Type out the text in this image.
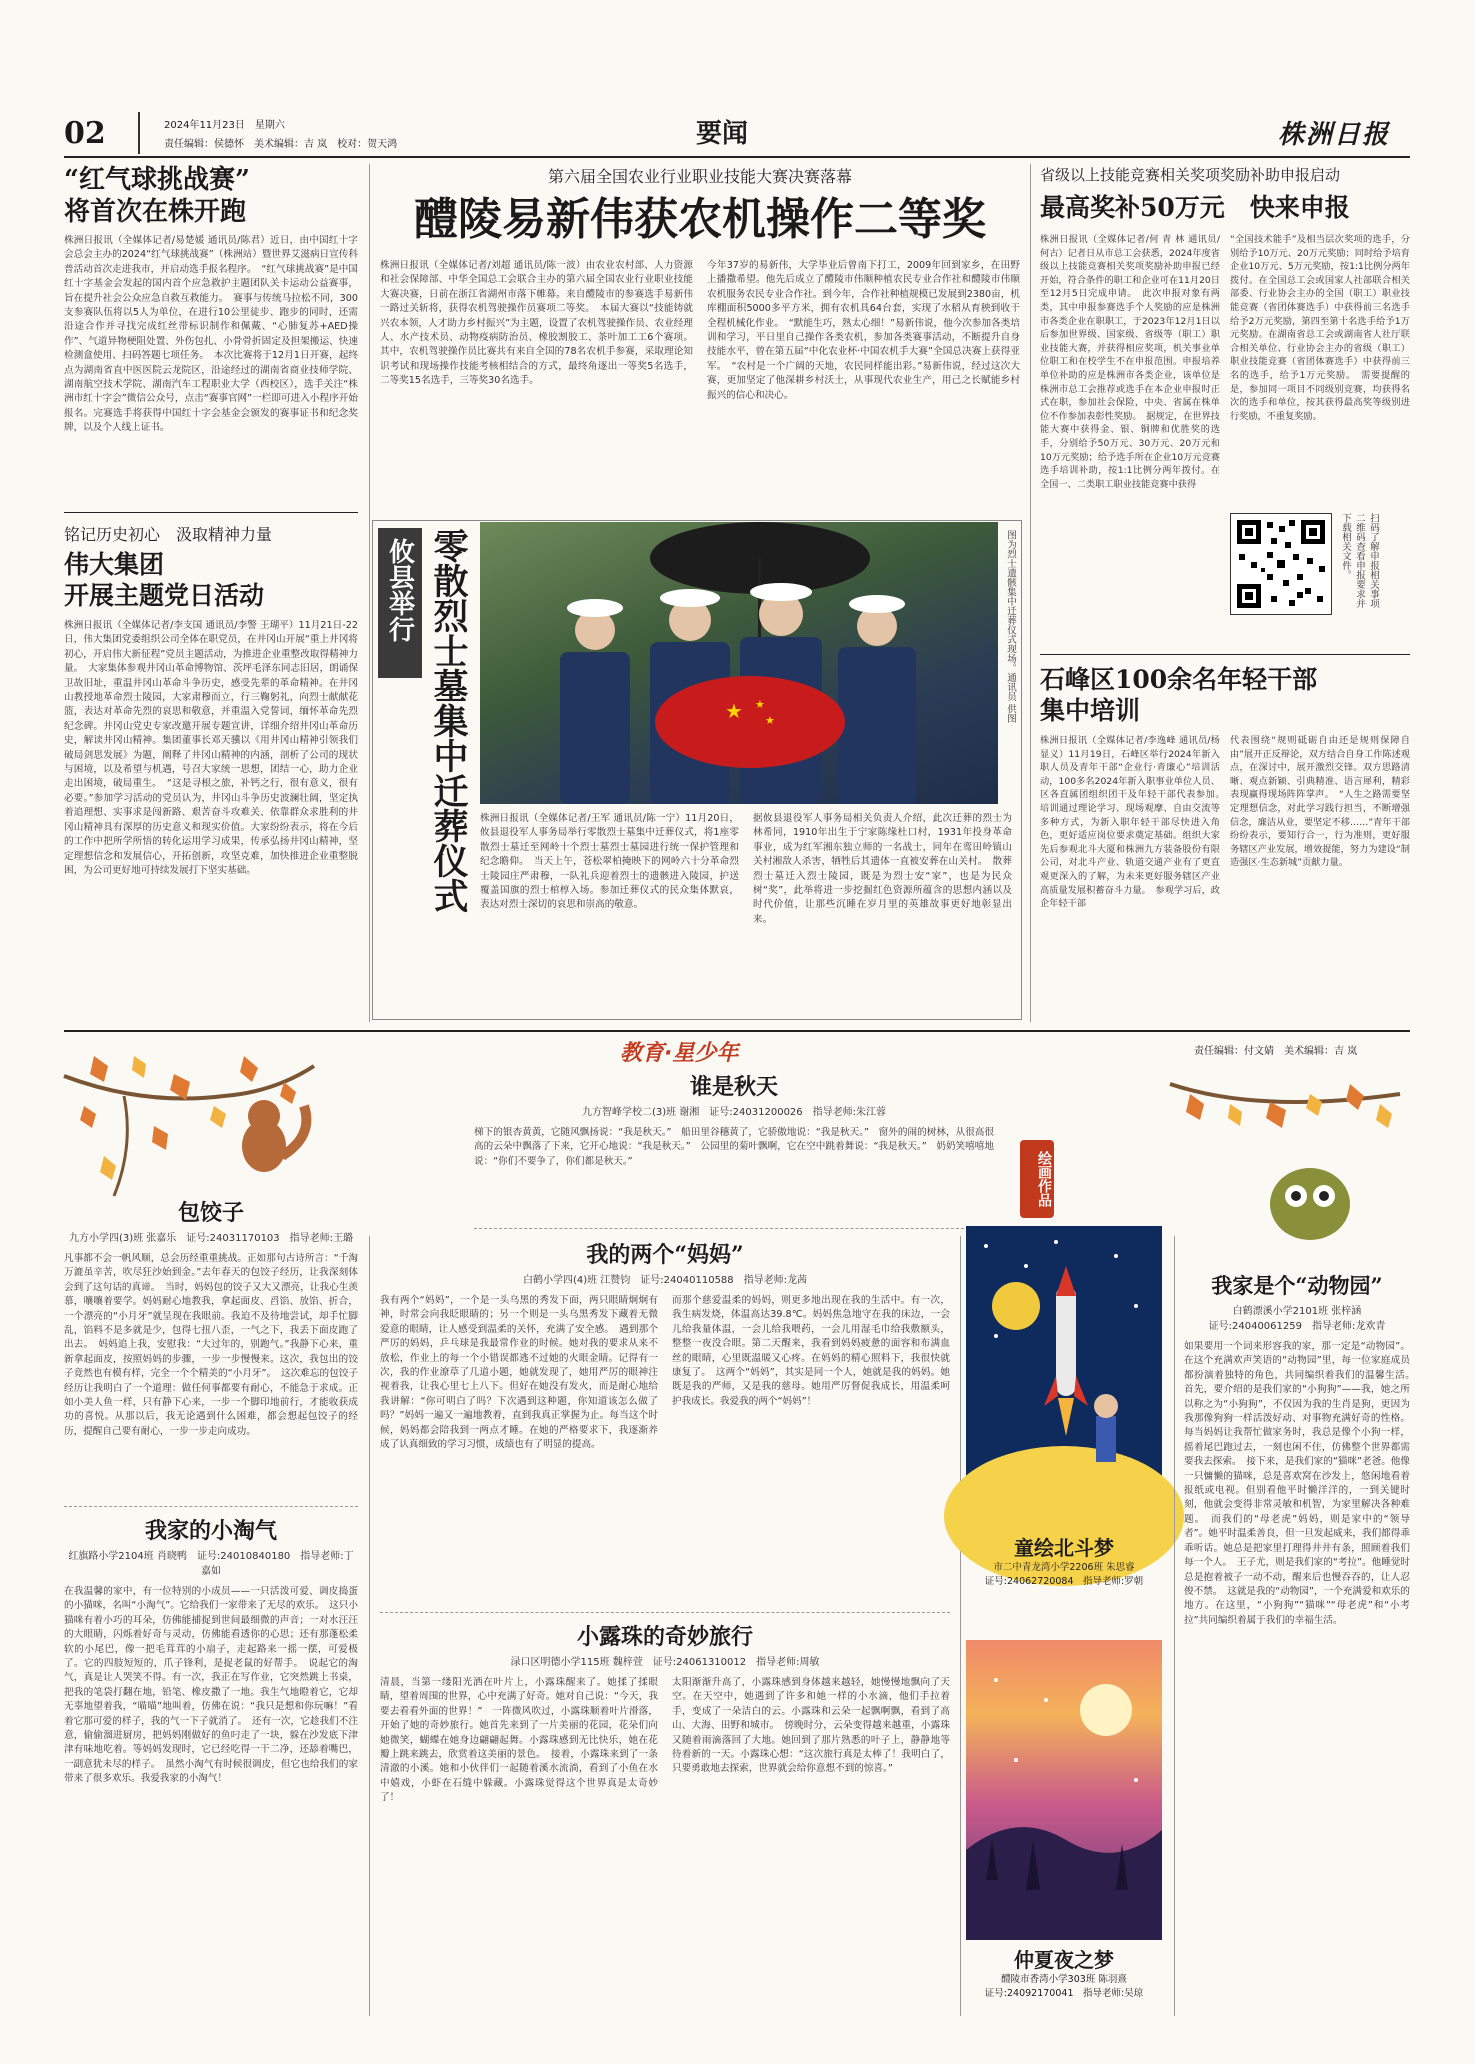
02	2024年11月23日　星期六
责任编辑：侯德怀　美术编辑：吉 岚　校对：贺天鸿	要闻	株洲日报
“红气球挑战赛”
将首次在株开跑

株洲日报讯（全媒体记者/易楚媛 通讯员/陈君）近日，由中国红十字会总会主办的2024“红气球挑战赛”（株洲站）暨世界艾滋病日宣传科普活动首次走进我市，并启动选手报名程序。　“红气球挑战赛”是中国红十字基金会发起的国内首个应急救护主题团队关卡运动公益赛事，旨在提升社会公众应急自救互救能力。　赛事与传统马拉松不同，300支参赛队伍将以5人为单位，在进行10公里徒步、跑步的同时，还需沿途合作并寻找完成红丝带标识制作和佩戴、“心肺复苏+AED操作”、气道异物梗阻处置、外伤包扎、小骨骨折固定及担架搬运、快速检测盒使用、扫码答题七项任务。　本次比赛将于12月1日开赛，起终点为湖南省直中医医院云龙院区，沿途经过的湖南省商业技师学院、湖南航空技术学院、湖南汽车工程职业大学（西校区），选手关注“株洲市红十字会”微信公众号，点击“赛事官网”一栏即可进入小程序开始报名。完赛选手将获得中国红十字会基金会颁发的赛事证书和纪念奖牌，以及个人线上证书。

铭记历史初心　汲取精神力量
伟大集团
开展主题党日活动

株洲日报讯（全媒体记者/李支国 通讯员/李警 王瑚平）11月21日-22日，伟大集团党委组织公司全体在职党员，在井冈山开展“重上井冈将初心，开启伟大新征程”党员主题活动，为推进企业重整改取得精神力量。　大家集体参观井冈山革命博物馆、茨坪毛泽东同志旧居，朗诵保卫故旧址，重温井冈山革命斗争历史，感受先辈的革命精神。在井冈山教授地革命烈士陵园，大家肃穆而立，行三鞠躬礼，向烈士献献花篮，表达对革命先烈的哀思和敬意，并重温入党誓词，缅怀革命先烈纪念碑。井冈山党史专家改邀开展专题宣讲，详细介绍井冈山革命历史，解读井冈山精神。集团董事长邓天骥以《用井冈山精神引领我们破局剑思发展》为题，阐释了井冈山精神的内涵，剖析了公司的现状与困境，以及希望与机遇，号召大家统一思想，团结一心，助力企业走出困境，破局重生。　“这是寻根之旅，补钙之行，很有意义，很有必要。”参加学习活动的党员认为，井冈山斗争历史波澜壮阔，坚定执着追理想、实事求是闯新路、艰苦奋斗攻难关、依靠群众求胜利的井冈山精神具有深厚的历史意义和现实价值。大家纷纷表示，将在今后的工作中把所学所悟的转化运用学习成果，传承弘扬井冈山精神，坚定理想信念和发展信心，开拓创新，攻坚克难，加快推进企业重整脱困，为公司更好地可持续发展打下坚实基础。

第六届全国农业行业职业技能大赛决赛落幕
醴陵易新伟获农机操作二等奖

株洲日报讯（全媒体记者/刘超 通讯员/陈一波）由农业农村部、人力资源和社会保障部、中华全国总工会联合主办的第六届全国农业行业职业技能大赛决赛，日前在浙江省湖州市落下帷幕。来自醴陵市的参赛选手易新伟一路过关斩将，获得农机驾驶操作员赛项二等奖。　本届大赛以“技能铸就兴农本领，人才助力乡村振兴”为主题，设置了农机驾驶操作员、农业经理人、水产技术员、动物疫病防治员、橡胶割胶工、茶叶加工工6个赛项。其中，农机驾驶操作员比赛共有来自全国的78名农机手参赛，采取理论知识考试和现场操作技能考核相结合的方式，最终角逐出一等奖5名选手，二等奖15名选手，三等奖30名选手。

今年37岁的易新伟，大学毕业后曾南下打工，2009年回到家乡，在田野上播撒希望。他先后成立了醴陵市伟顺种植农民专业合作社和醴陵市伟顺农机服务农民专业合作社。到今年，合作社种植规模已发展到2380亩，机库棚面积5000多平方米，拥有农机具64台套，实现了水稻从育秧到收干全程机械化作业。　“默能生巧，熟太心细！”易新伟说，他今次参加各类培训和学习，平日里自己操作各类农机，参加各类赛事活动，不断提升自身技能水平，曾在第五届“中化农业杯·中国农机手大赛”全国总决赛上获得亚军。　“农村是一个广阔的天地，农民同样能出彩。”易新伟说，经过这次大赛，更加坚定了他深耕乡村沃土，从事现代农业生产，用己之长赋能乡村振兴的信心和决心。

攸县举行 零散烈士墓集中迁葬仪式	★ ★
★	图为烈士遗骸集中迁葬仪式现场。通讯员 供图

株洲日报讯（全媒体记者/王军 通讯员/陈一宁）11月20日，攸县退役军人事务局举行零散烈士墓集中迁葬仪式，将1座零散烈士墓迁至网岭十个烈士墓烈士墓园进行统一保护管理和纪念瞻仰。　当天上午，苍松翠柏掩映下的网岭六十分革命烈士陵园庄严肃穆，一队礼兵迎着烈士的遗骸进入陵园，护送覆盖国旗的烈士棺椁入场。参加迁葬仪式的民众集体默哀，表达对烈士深切的哀思和崇高的敬意。

据攸县退役军人事务局相关负责人介绍，此次迁葬的烈士为林希同，1910年出生于宁家陈缘杜口村，1931年投身革命事业，成为红军湘东独立师的一名战士，同年在鸾田岭镇山关村湘敌人杀害，牺牲后其遗体一直被安葬在山关村。　散葬烈士墓迁入烈士陵园，既是为烈士安“家”，也是为民众树“奖”，此举将进一步挖掘红色资源所蕴含的思想内涵以及时代价值，让那些沉睡在岁月里的英雄故事更好地彰显出来。

省级以上技能竞赛相关奖项奖励补助申报启动
最高奖补50万元　快来申报

株洲日报讯（全媒体记者/何 青 林 通讯员/何古）记者日从市总工会获悉，2024年度省级以上技能竞赛相关奖项奖励补助申报已经开始，符合条件的职工和企业可在11月20日至12月5日完成申请。　此次申报对象有两类，其中申报参赛选手个人奖励的应是株洲市各类企业在职职工，于2023年12月1日以后参加世界级、国家级、省级等（职工）职业技能大赛，并获得相应奖项，机关事业单位职工和在校学生不在申报范围。申报培养单位补助的应是株洲市各类企业，该单位是株洲市总工会推荐或选手在本企业申报时正式在职，参加社会保险，中央、省属在株单位不作参加表彰性奖励。　据规定，在世界技能大赛中获得金、银、铜牌和优胜奖的选手，分别给予50万元、30万元、20万元和10万元奖励；给予选手所在企业10万元竞赛选手培训补助，按1:1比例分两年拨付。在全国一、二类职工职业技能竞赛中获得

“全国技术能手”及相当层次奖项的选手，分别给予10万元、20万元奖励；同时给予培育企业10万元、5万元奖励，按1:1比例分两年拨付。在全国总工会或国家人社部联合相关部委、行业协会主办的全国（职工）职业技能竞赛（省团体赛选手）中获得前三名选手给予2万元奖励，第四至第十名选手给予1万元奖励。在湖南省总工会或湖南省人社厅联合相关单位、行业协会主办的省级（职工）职业技能竞赛（省团体赛选手）中获得前三名的选手，给予1万元奖励。　需要提醒的是，参加同一项目不同级别竞赛，均获得名次的选手和单位，按其获得最高奖等级别进行奖励，不重复奖励。

扫码了解申报相关事项二维码查看申报要求并下载相关文件。
石峰区100余名年轻干部
集中培训

株洲日报讯（全媒体记者/李逸峰 通讯员/杨显义）11月19日，石峰区举行2024年新入职人员及青年干部“企业行·青廉心”培训活动，100多名2024年新入职事业单位人员、区各直属团组织团干及年轻干部代表参加。　培训通过理论学习、现场观摩、自由交流等多种方式，为新入职年轻干部尽快进入角色，更好适应岗位要求奠定基础。组织大家先后参观北斗大厦和株洲九方装备股份有限公司，对北斗产业、轨道交通产业有了更直观更深入的了解，为未来更好服务辖区产业高质量发展积蓄奋斗力量。　参观学习后，政企年轻干部

代表围绕“规则砥砺自由还是规则保障自由”展开正反辩论，双方结合自身工作陈述观点，在深讨中，展开激烈交锋。双方思路清晰、观点新颖、引典精准、语言犀利，精彩表现赢得现场阵阵掌声。　“人生之路需要坚定理想信念，对此学习践行担当，不断增强信念，廉洁从业，要坚定不移……”青年干部纷纷表示，要知行合一，行为准则，更好服务辖区产业发展，增效提能，努力为建设“制造强区·生态新城”贡献力量。

教育·星少年	责任编辑：付文婧　美术编辑：吉 岚
谁是秋天
九方智峰学校二(3)班 谢湘　证号:24031200026　指导老师:朱江蓉

梯下的银杏黄黄，它随风飘扬说：“我是秋天。”　船田里谷穗黄了，它骄傲地说：“我是秋天。”　窗外的闹的树林，从很高很高的云朵中飘落了下来，它开心地说：“我是秋天。”　公园里的菊叶飘啊，它在空中跳着舞说：“我是秋天。”　奶奶笑嘻嘻地说：“你们不要争了，你们都是秋天。”

包饺子
九方小学四(3)班 张嘉乐　证号:24031170103　指导老师:王璐

凡事都不会一帆风顺，总会历经重重挑战。正如那句古诗所言：“千淘万漉虽辛苦，吹尽狂沙始到金。”去年春天的包饺子经历，让我深刻体会到了这句话的真谛。　当时，妈妈包的饺子又大又漂亮，让我心生羡慕，嚷嚷着要学。妈妈耐心地教我，拿起面皮、舀馅、放馅、折合，一个漂亮的“小月牙”就呈现在我眼前。我迫不及待地尝试，却手忙脚乱，馅料不是多就是少，包得七扭八歪，一气之下，我丢下面皮跑了出去。　妈妈追上我，安慰我：“大过年的，别跑气。”我静下心来，重新拿起面皮，按照妈妈的步骤，一步一步慢慢来。这次，我包出的饺子竟然也有模有样，完全一个个精美的“小月牙”。　这次难忘的包饺子经历让我明白了一个道理：做任何事都要有耐心，不能急于求成。正如小美人鱼一样，只有静下心来，一步一个脚印地前行，才能收获成功的喜悦。从那以后，我无论遇到什么困难，都会想起包饺子的经历，提醒自己要有耐心，一步一步走向成功。

我家的小淘气
红旗路小学2104班 肖晓鸭　证号:24010840180　指导老师:丁嘉如

在我温馨的家中，有一位特别的小成员——一只活泼可爱、调皮捣蛋的小猫咪，名叫“小淘气”。它给我们一家带来了无尽的欢乐。　这只小猫咪有着小巧的耳朵，仿佛能捕捉到世间最细微的声音；一对水汪汪的大眼睛，闪烁着好奇与灵动，仿佛能看透你的心思；还有那蓬松柔软的小尾巴，像一把毛茸茸的小扇子，走起路来一摇一摆，可爱极了。它的四肢短短的，爪子锋利，是捉老鼠的好帮手。　说起它的淘气，真是让人哭笑不得。有一次，我正在写作业，它突然跳上书桌，把我的笔袋打翻在地，铅笔、橡皮撒了一地。我生气地瞪着它，它却无辜地望着我，“喵喵”地叫着，仿佛在说：“我只是想和你玩嘛！”看着它那可爱的样子，我的气一下子就消了。　还有一次，它趁我们不注意，偷偷溜进厨房，把妈妈刚做好的鱼叼走了一块，躲在沙发底下津津有味地吃着。等妈妈发现时，它已经吃得一干二净，还舔着嘴巴，一副意犹未尽的样子。　虽然小淘气有时候很调皮，但它也给我们的家带来了很多欢乐。我爱我家的小淘气！

我的两个“妈妈”
白鹤小学四(4)班 江赞钧　证号:24040110588　指导老师:龙茜

我有两个“妈妈”，一个是一头乌黑的秀发下面，两只眼睛炯炯有神，时常会向我眨眼睛的；另一个则是一头乌黑秀发下藏着无微爱意的眼睛，让人感受到温柔的关怀，充满了安全感。　遇到那个严厉的妈妈，乒乓球是我最常作业的时候。她对我的要求从来不放松，作业上的每一个小错误都逃不过她的火眼金睛。记得有一次，我的作业潦草了几道小题，她就发现了，她用严厉的眼神注视着我，让我心里七上八下。但好在她没有发火，而是耐心地给我讲解：“你可明白了吗？下次遇到这种题，你知道该怎么做了吗？”妈妈一遍又一遍地教着，直到我真正掌握为止。每当这个时候，妈妈都会陪我到一两点才睡。在她的严格要求下，我逐渐养成了认真细致的学习习惯，成绩也有了明显的提高。

而那个慈爱温柔的妈妈，则更多地出现在我的生活中。有一次，我生病发烧，体温高达39.8℃。妈妈焦急地守在我的床边，一会儿给我量体温，一会儿给我喂药，一会儿用湿毛巾给我敷额头，整整一夜没合眼。第二天醒来，我看到妈妈疲惫的面容和布满血丝的眼睛，心里既温暖又心疼。在妈妈的精心照料下，我很快就康复了。　这两个“妈妈”，其实是同一个人，她就是我的妈妈。她既是我的严师，又是我的慈母。她用严厉督促我成长，用温柔呵护我成长。我爱我的两个“妈妈”！

小露珠的奇妙旅行
渌口区明德小学115班 魏梓萱　证号:24061310012　指导老师:周敏

清晨，当第一缕阳光洒在叶片上，小露珠醒来了。她揉了揉眼睛，望着周围的世界，心中充满了好奇。她对自己说：“今天，我要去看看外面的世界！”　一阵微风吹过，小露珠顺着叶片滑落，开始了她的奇妙旅行。她首先来到了一片美丽的花园，花朵们向她微笑，蝴蝶在她身边翩翩起舞。小露珠感到无比快乐，她在花瓣上跳来跳去，欣赏着这美丽的景色。　接着，小露珠来到了一条清澈的小溪。她和小伙伴们一起随着溪水流淌，看到了小鱼在水中嬉戏，小虾在石缝中躲藏。小露珠觉得这个世界真是太奇妙了！

太阳渐渐升高了，小露珠感到身体越来越轻，她慢慢地飘向了天空。在天空中，她遇到了许多和她一样的小水滴，他们手拉着手，变成了一朵洁白的云。小露珠和云朵一起飘啊飘，看到了高山、大海、田野和城市。　傍晚时分，云朵变得越来越重，小露珠又随着雨滴落回了大地。她回到了那片熟悉的叶子上，静静地等待着新的一天。小露珠心想：“这次旅行真是太棒了！我明白了，只要勇敢地去探索，世界就会给你意想不到的惊喜。”

绘画作品
童绘北斗梦
市二中青龙湾小学2206班 朱思睿
证号:24062720084　指导老师:罗朝
仲夏夜之梦
醴陵市香湾小学303班 陈羽熹
证号:24092170041　指导老师:吴琼
我家是个“动物园”
白鹤漂溪小学2101班 张梓涵
证号:24040061259　指导老师:龙欢青

如果要用一个词来形容我的家，那一定是“动物园”。在这个充满欢声笑语的“动物园”里，每一位家庭成员都扮演着独特的角色，共同编织着我们的温馨生活。　首先，要介绍的是我们家的“小狗狗”——我，她之所以称之为“小狗狗”，不仅因为我的生肖是狗，更因为我那像狗狗一样活泼好动、对事物充满好奇的性格。每当妈妈让我帮忙做家务时，我总是像个小狗一样，摇着尾巴跑过去，一刻也闲不住，仿佛整个世界都需要我去探索。　接下来，是我们家的“猫咪”老爸。他像一只慵懒的猫咪，总是喜欢窝在沙发上，悠闲地看着报纸或电视。但别看他平时懒洋洋的，一到关键时刻，他就会变得非常灵敏和机智，为家里解决各种难题。　而我们的“母老虎”妈妈，则是家中的“领导者”。她平时温柔善良，但一旦发起威来，我们都得乖乖听话。她总是把家里打理得井井有条，照顾着我们每一个人。　王子尤，则是我们家的“考拉”。他睡觉时总是抱着被子一动不动，醒来后也慢吞吞的，让人忍俊不禁。　这就是我的“动物园”，一个充满爱和欢乐的地方。在这里，“小狗狗”“猫咪”“母老虎”和“小考拉”共同编织着属于我们的幸福生活。
